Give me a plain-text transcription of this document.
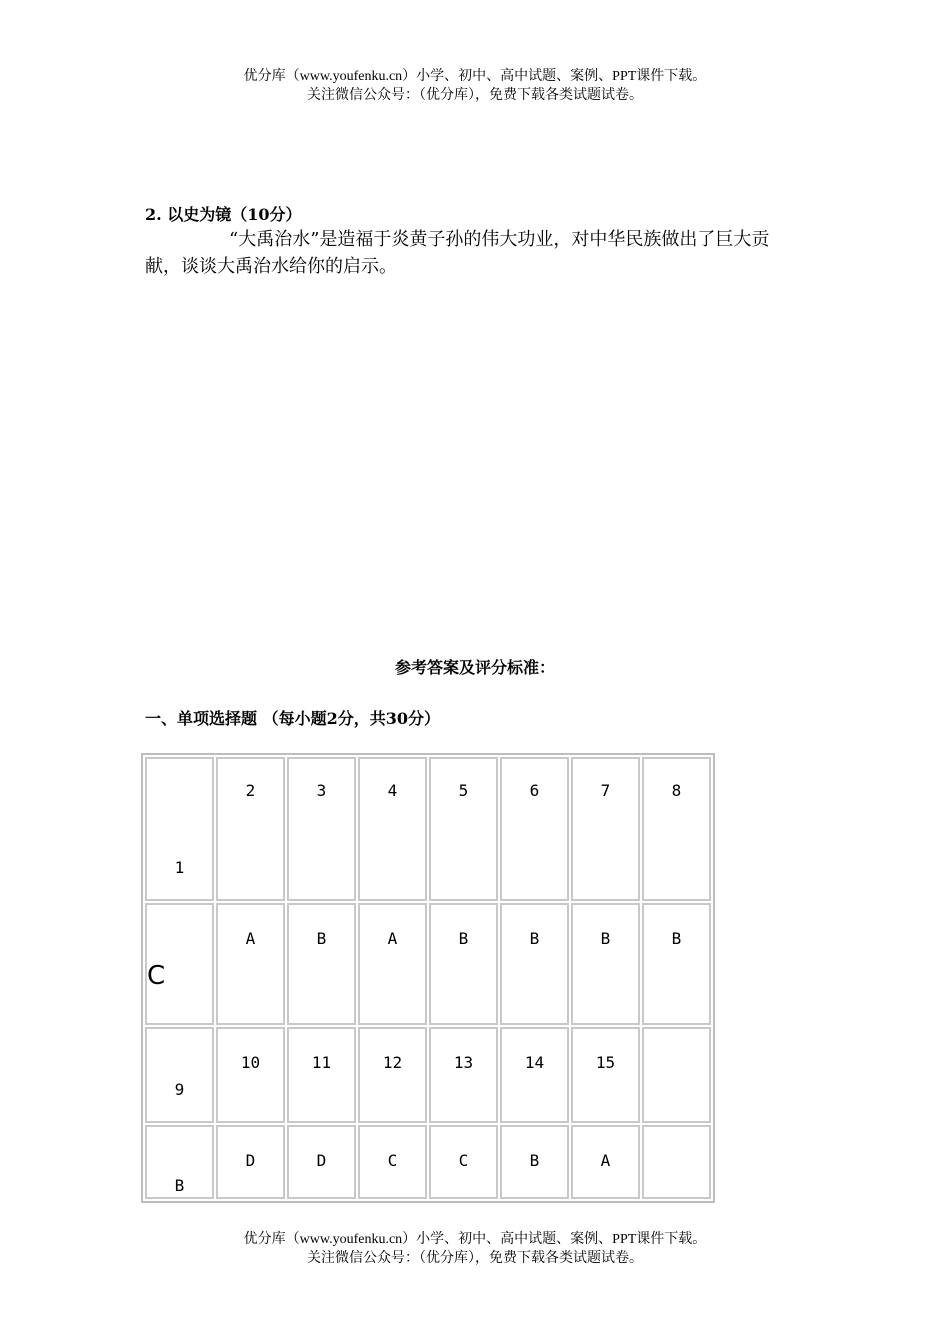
优分库（www.youfenku.cn）小学、初中、高中试题、案例、PPT课件下载。
关注微信公众号：（优分库），免费下载各类试题试卷。
2. 以史为镜（10分）
“大禹治水”是造福于炎黄子孙的伟大功业，对中华民族做出了巨大贡献，谈谈大禹治水给你的启示。
参考答案及评分标准：
一、单项选择题 （每小题2分，共30分）
1	2	3	4	5	6	7	8

C	A	B	A	B	B	B	B

9	10	11	12	13	14	15	

B	D	D	C	C	B	A	

优分库（www.youfenku.cn）小学、初中、高中试题、案例、PPT课件下载。
关注微信公众号：（优分库），免费下载各类试题试卷。
